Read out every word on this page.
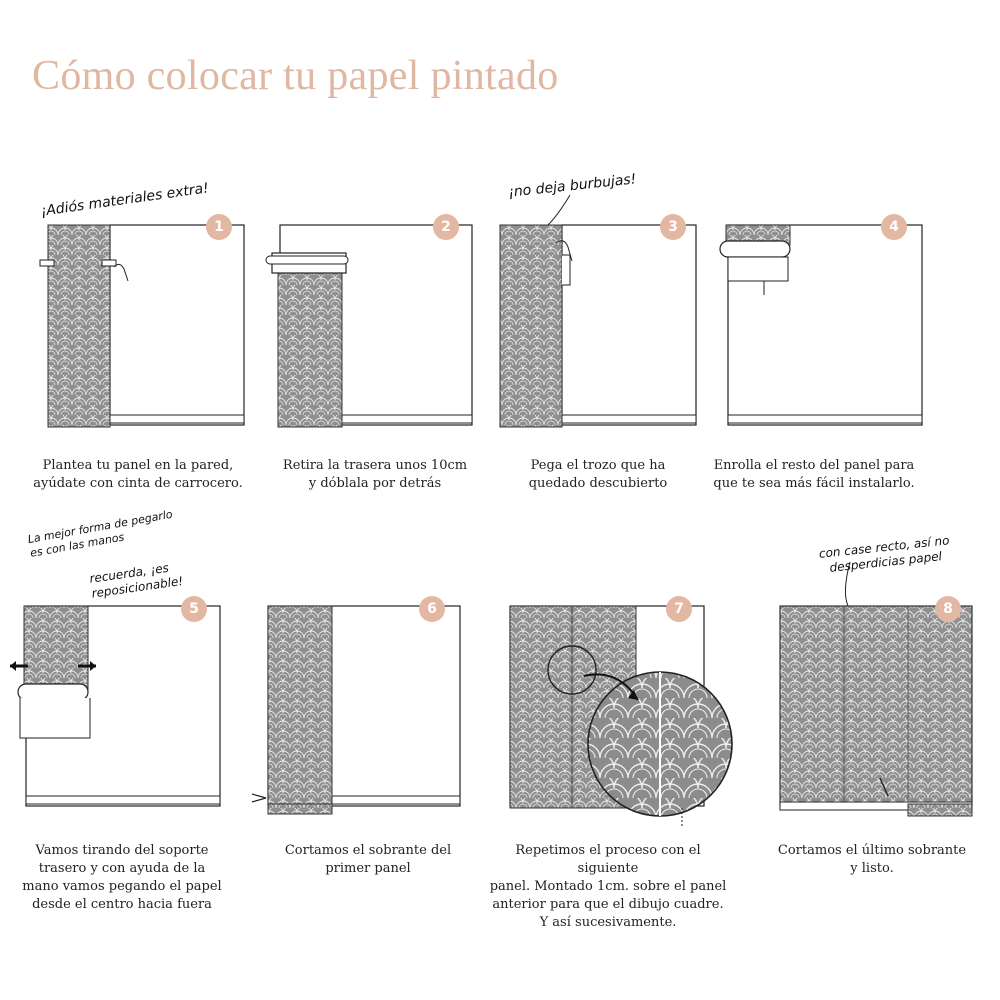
Cómo colocar tu papel pintado
1
¡Adiós materiales extra!
Plantea tu panel en la pared,
ayúdate con cinta de carrocero.
2
Retira la trasera unos 10cm
y dóblala por detrás
3
¡no deja burbujas!
Pega el trozo que ha
quedado descubierto
4
Enrolla el resto del panel para
que te sea más fácil instalarlo.
5
La mejor forma de pegarlo es con las manos
recuerda, ¡es reposicionable!
Vamos tirando del soporte
trasero y con ayuda de la
mano vamos pegando el papel
desde el centro hacia fuera
6
Cortamos el sobrante del
primer panel
7
Repetimos el proceso con el siguiente
panel. Montado 1cm. sobre el panel
anterior para que el dibujo cuadre.
Y así sucesivamente.
8
con case recto, así no desperdicias papel
Cortamos el último sobrante
y listo.
